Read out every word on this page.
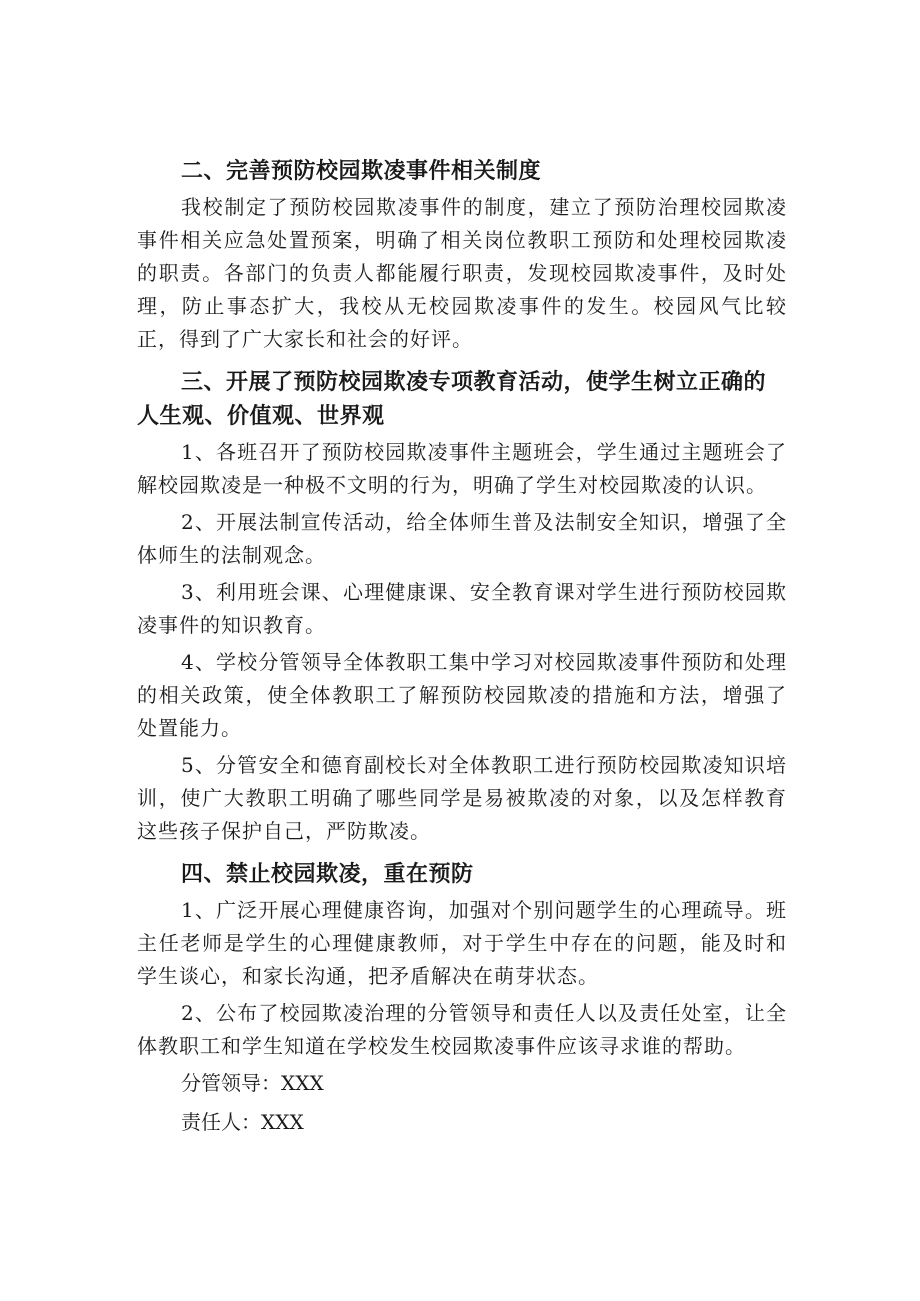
二、完善预防校园欺凌事件相关制度
我校制定了预防校园欺凌事件的制度，建立了预防治理校园欺凌事件相关应急处置预案，明确了相关岗位教职工预防和处理校园欺凌的职责。各部门的负责人都能履行职责，发现校园欺凌事件，及时处理，防止事态扩大，我校从无校园欺凌事件的发生。校园风气比较正，得到了广大家长和社会的好评。
三、开展了预防校园欺凌专项教育活动，使学生树立正确的人生观、价值观、世界观
1、各班召开了预防校园欺凌事件主题班会，学生通过主题班会了解校园欺凌是一种极不文明的行为，明确了学生对校园欺凌的认识。
2、开展法制宣传活动，给全体师生普及法制安全知识，增强了全体师生的法制观念。
3、利用班会课、心理健康课、安全教育课对学生进行预防校园欺凌事件的知识教育。
4、学校分管领导全体教职工集中学习对校园欺凌事件预防和处理的相关政策，使全体教职工了解预防校园欺凌的措施和方法，增强了处置能力。
5、分管安全和德育副校长对全体教职工进行预防校园欺凌知识培训，使广大教职工明确了哪些同学是易被欺凌的对象，以及怎样教育这些孩子保护自己，严防欺凌。
四、禁止校园欺凌，重在预防
1、广泛开展心理健康咨询，加强对个别问题学生的心理疏导。班主任老师是学生的心理健康教师，对于学生中存在的问题，能及时和学生谈心，和家长沟通，把矛盾解决在萌芽状态。
2、公布了校园欺凌治理的分管领导和责任人以及责任处室，让全体教职工和学生知道在学校发生校园欺凌事件应该寻求谁的帮助。
分管领导：XXX
责任人：XXX
